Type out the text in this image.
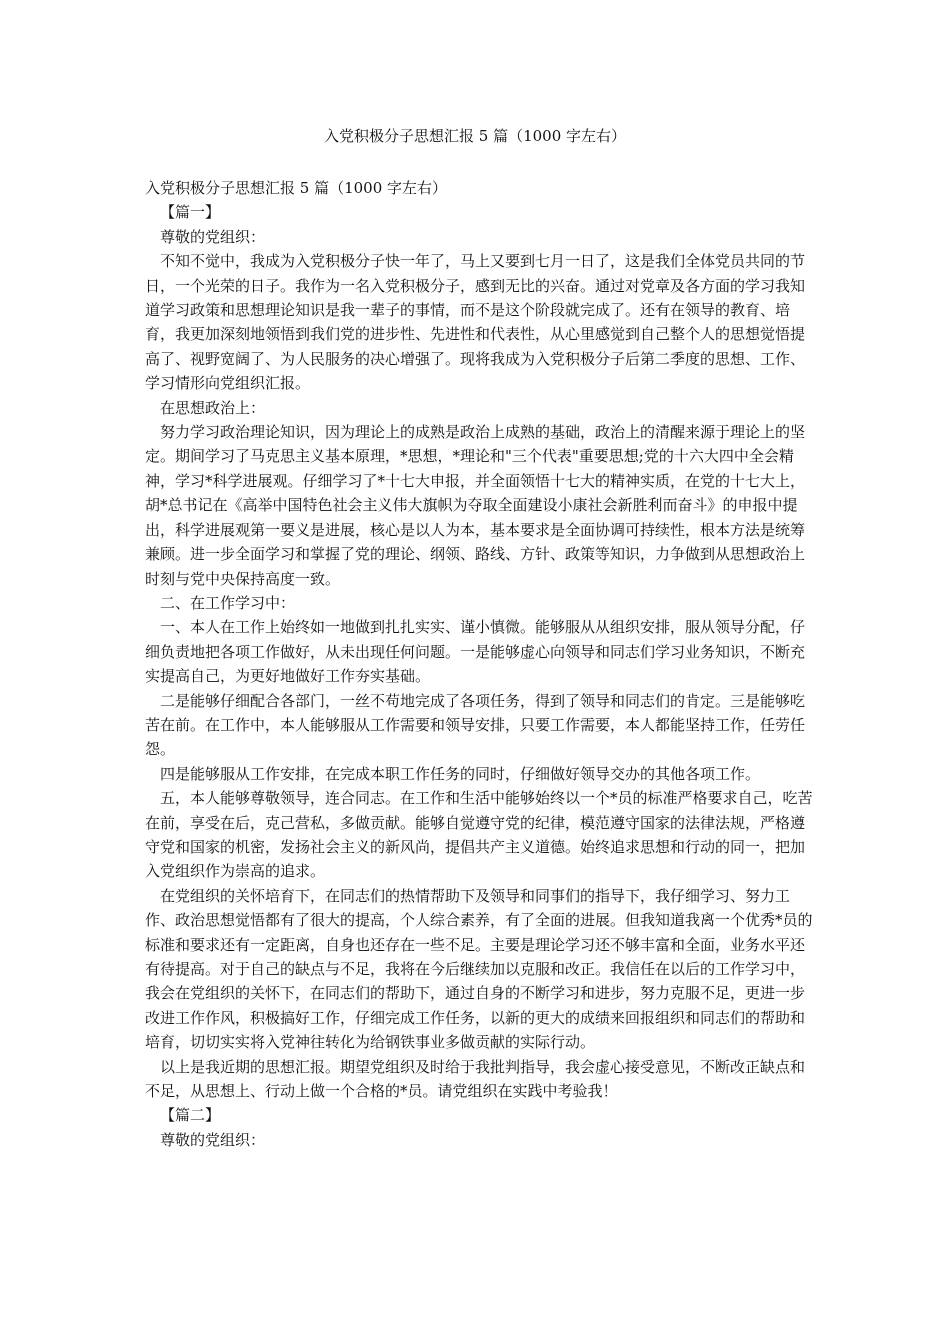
入党积极分子思想汇报 5 篇（1000 字左右）

入党积极分子思想汇报 5 篇（1000 字左右）

【篇一】

尊敬的党组织：

不知不觉中，我成为入党积极分子快一年了，马上又要到七月一日了，这是我们全体党员共同的节日，一个光荣的日子。我作为一名入党积极分子，感到无比的兴奋。通过对党章及各方面的学习我知道学习政策和思想理论知识是我一辈子的事情，而不是这个阶段就完成了。还有在领导的教育、培育，我更加深刻地领悟到我们党的进步性、先进性和代表性，从心里感觉到自己整个人的思想觉悟提高了、视野宽阔了、为人民服务的决心增强了。现将我成为入党积极分子后第二季度的思想、工作、学习情形向党组织汇报。

在思想政治上：

努力学习政治理论知识，因为理论上的成熟是政治上成熟的基础，政治上的清醒来源于理论上的坚定。期间学习了马克思主义基本原理，*思想，*理论和"三个代表"重要思想;党的十六大四中全会精神，学习*科学进展观。仔细学习了*十七大申报，并全面领悟十七大的精神实质，在党的十七大上，胡*总书记在《高举中国特色社会主义伟大旗帜为夺取全面建设小康社会新胜利而奋斗》的申报中提出，科学进展观第一要义是进展，核心是以人为本，基本要求是全面协调可持续性，根本方法是统筹兼顾。进一步全面学习和掌握了党的理论、纲领、路线、方针、政策等知识，力争做到从思想政治上时刻与党中央保持高度一致。

二、在工作学习中：

一、本人在工作上始终如一地做到扎扎实实、谨小慎微。能够服从从组织安排，服从领导分配，仔细负责地把各项工作做好，从未出现任何问题。一是能够虚心向领导和同志们学习业务知识，不断充实提高自己，为更好地做好工作夯实基础。

二是能够仔细配合各部门，一丝不苟地完成了各项任务，得到了领导和同志们的肯定。三是能够吃苦在前。在工作中，本人能够服从工作需要和领导安排，只要工作需要，本人都能坚持工作，任劳任怨。

四是能够服从工作安排，在完成本职工作任务的同时，仔细做好领导交办的其他各项工作。

五，本人能够尊敬领导，连合同志。在工作和生活中能够始终以一个*员的标准严格要求自己，吃苦在前，享受在后，克己营私，多做贡献。能够自觉遵守党的纪律，模范遵守国家的法律法规，严格遵守党和国家的机密，发扬社会主义的新风尚，提倡共产主义道德。始终追求思想和行动的同一，把加入党组织作为崇高的追求。

在党组织的关怀培育下，在同志们的热情帮助下及领导和同事们的指导下，我仔细学习、努力工作、政治思想觉悟都有了很大的提高，个人综合素养，有了全面的进展。但我知道我离一个优秀*员的标准和要求还有一定距离，自身也还存在一些不足。主要是理论学习还不够丰富和全面，业务水平还有待提高。对于自己的缺点与不足，我将在今后继续加以克服和改正。我信任在以后的工作学习中，我会在党组织的关怀下，在同志们的帮助下，通过自身的不断学习和进步，努力克服不足，更进一步改进工作作风，积极搞好工作，仔细完成工作任务，以新的更大的成绩来回报组织和同志们的帮助和培育，切切实实将入党神往转化为给钢铁事业多做贡献的实际行动。

以上是我近期的思想汇报。期望党组织及时给于我批判指导，我会虚心接受意见，不断改正缺点和不足，从思想上、行动上做一个合格的*员。请党组织在实践中考验我！

【篇二】

尊敬的党组织：
